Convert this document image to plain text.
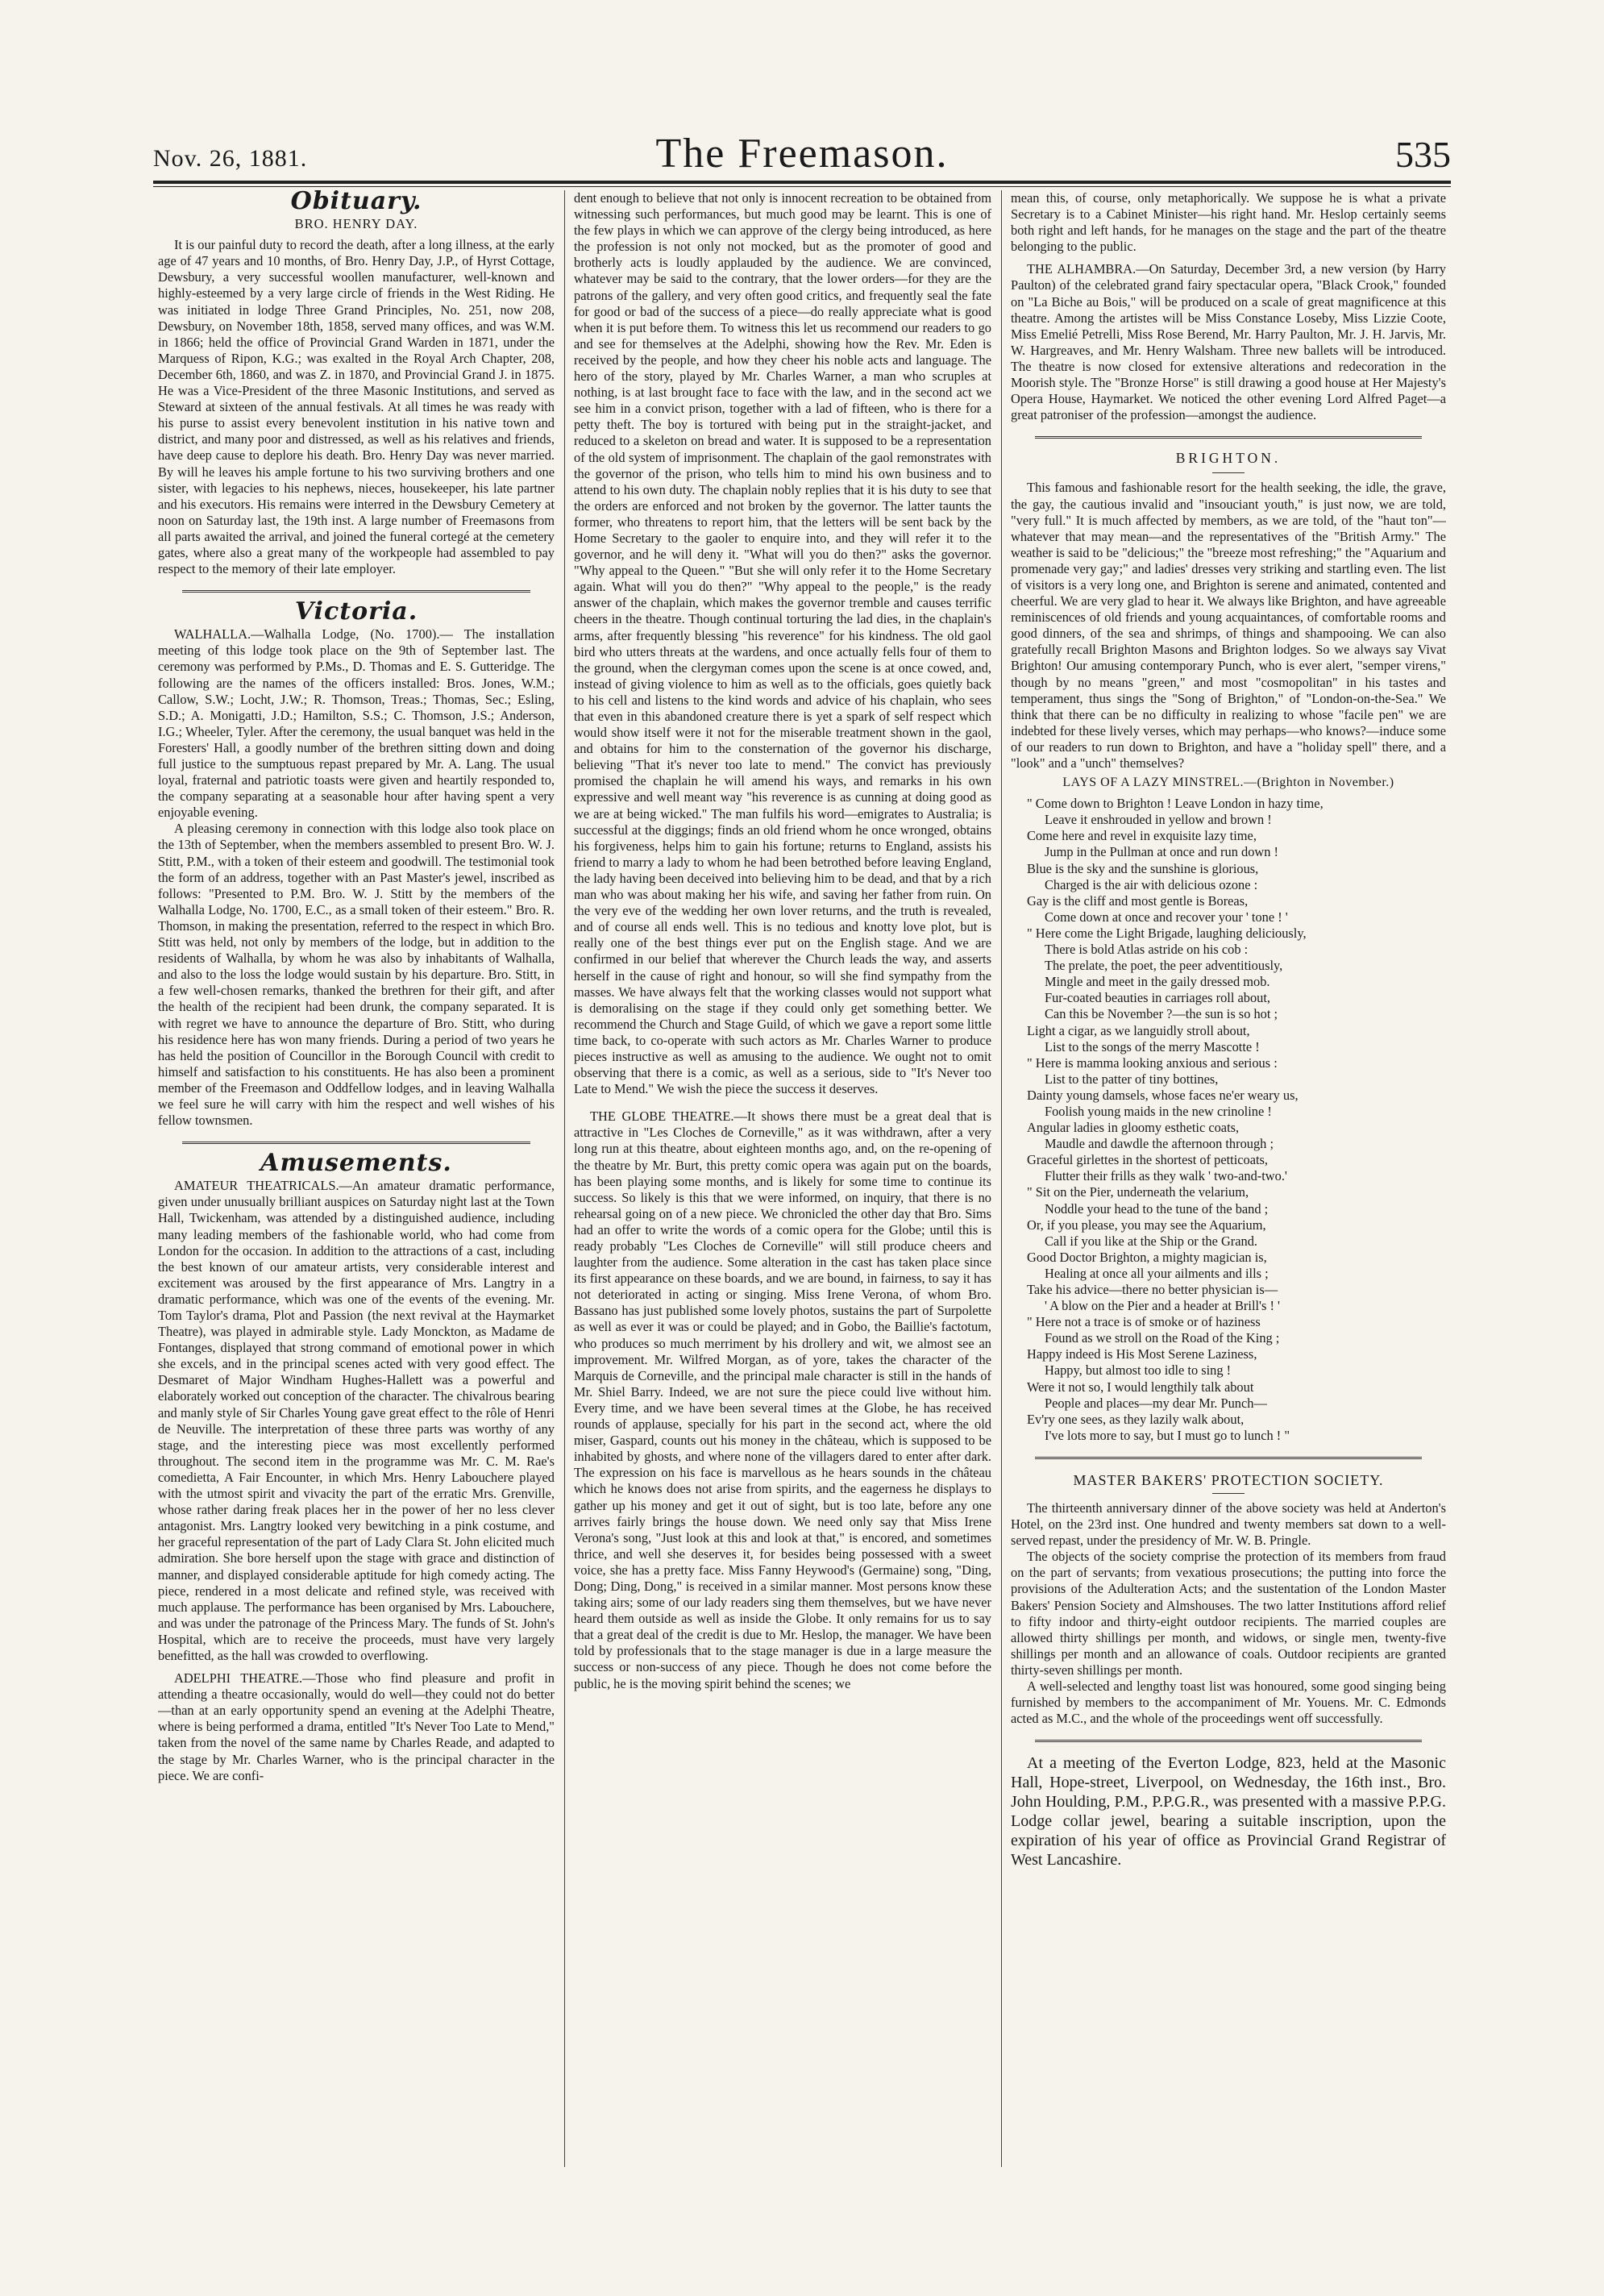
Nov. 26, 1881.	The Freemason.	535
Obituary.
BRO. HENRY DAY.

It is our painful duty to record the death, after a long illness, at the early age of 47 years and 10 months, of Bro. Henry Day, J.P., of Hyrst Cottage, Dewsbury, a very successful woollen manufacturer, well-known and highly-esteemed by a very large circle of friends in the West Riding. He was initiated in lodge Three Grand Principles, No. 251, now 208, Dewsbury, on November 18th, 1858, served many offices, and was W.M. in 1866; held the office of Provincial Grand Warden in 1871, under the Marquess of Ripon, K.G.; was exalted in the Royal Arch Chapter, 208, December 6th, 1860, and was Z. in 1870, and Provincial Grand J. in 1875. He was a Vice-President of the three Masonic Institutions, and served as Steward at sixteen of the annual festivals. At all times he was ready with his purse to assist every benevolent institution in his native town and district, and many poor and distressed, as well as his relatives and friends, have deep cause to deplore his death. Bro. Henry Day was never married. By will he leaves his ample fortune to his two surviving brothers and one sister, with legacies to his nephews, nieces, housekeeper, his late partner and his executors. His remains were interred in the Dewsbury Cemetery at noon on Saturday last, the 19th inst. A large number of Freemasons from all parts awaited the arrival, and joined the funeral cortegé at the cemetery gates, where also a great many of the workpeople had assembled to pay respect to the memory of their late employer.

Victoria.

WALHALLA.—Walhalla Lodge, (No. 1700).— The installation meeting of this lodge took place on the 9th of September last. The ceremony was performed by P.Ms., D. Thomas and E. S. Gutteridge. The following are the names of the officers installed: Bros. Jones, W.M.; Callow, S.W.; Locht, J.W.; R. Thomson, Treas.; Thomas, Sec.; Esling, S.D.; A. Monigatti, J.D.; Hamilton, S.S.; C. Thomson, J.S.; Anderson, I.G.; Wheeler, Tyler. After the ceremony, the usual banquet was held in the Foresters' Hall, a goodly number of the brethren sitting down and doing full justice to the sumptuous repast prepared by Mr. A. Lang. The usual loyal, fraternal and patriotic toasts were given and heartily responded to, the company separating at a seasonable hour after having spent a very enjoyable evening.

A pleasing ceremony in connection with this lodge also took place on the 13th of September, when the members assembled to present Bro. W. J. Stitt, P.M., with a token of their esteem and goodwill. The testimonial took the form of an address, together with an Past Master's jewel, inscribed as follows: "Presented to P.M. Bro. W. J. Stitt by the members of the Walhalla Lodge, No. 1700, E.C., as a small token of their esteem." Bro. R. Thomson, in making the presentation, referred to the respect in which Bro. Stitt was held, not only by members of the lodge, but in addition to the residents of Walhalla, by whom he was also by inhabitants of Walhalla, and also to the loss the lodge would sustain by his departure. Bro. Stitt, in a few well-chosen remarks, thanked the brethren for their gift, and after the health of the recipient had been drunk, the company separated. It is with regret we have to announce the departure of Bro. Stitt, who during his residence here has won many friends. During a period of two years he has held the position of Councillor in the Borough Council with credit to himself and satisfaction to his constituents. He has also been a prominent member of the Freemason and Oddfellow lodges, and in leaving Walhalla we feel sure he will carry with him the respect and well wishes of his fellow townsmen.

Amusements.

AMATEUR THEATRICALS.—An amateur dramatic performance, given under unusually brilliant auspices on Saturday night last at the Town Hall, Twickenham, was attended by a distinguished audience, including many leading members of the fashionable world, who had come from London for the occasion. In addition to the attractions of a cast, including the best known of our amateur artists, very considerable interest and excitement was aroused by the first appearance of Mrs. Langtry in a dramatic performance, which was one of the events of the evening. Mr. Tom Taylor's drama, Plot and Passion (the next revival at the Haymarket Theatre), was played in admirable style. Lady Monckton, as Madame de Fontanges, displayed that strong command of emotional power in which she excels, and in the principal scenes acted with very good effect. The Desmaret of Major Windham Hughes-Hallett was a powerful and elaborately worked out conception of the character. The chivalrous bearing and manly style of Sir Charles Young gave great effect to the rôle of Henri de Neuville. The interpretation of these three parts was worthy of any stage, and the interesting piece was most excellently performed throughout. The second item in the programme was Mr. C. M. Rae's comedietta, A Fair Encounter, in which Mrs. Henry Labouchere played with the utmost spirit and vivacity the part of the erratic Mrs. Grenville, whose rather daring freak places her in the power of her no less clever antagonist. Mrs. Langtry looked very bewitching in a pink costume, and her graceful representation of the part of Lady Clara St. John elicited much admiration. She bore herself upon the stage with grace and distinction of manner, and displayed considerable aptitude for high comedy acting. The piece, rendered in a most delicate and refined style, was received with much applause. The performance has been organised by Mrs. Labouchere, and was under the patronage of the Princess Mary. The funds of St. John's Hospital, which are to receive the proceeds, must have very largely benefitted, as the hall was crowded to overflowing.

ADELPHI THEATRE.—Those who find pleasure and profit in attending a theatre occasionally, would do well—they could not do better—than at an early opportunity spend an evening at the Adelphi Theatre, where is being performed a drama, entitled "It's Never Too Late to Mend," taken from the novel of the same name by Charles Reade, and adapted to the stage by Mr. Charles Warner, who is the principal character in the piece. We are confi-

dent enough to believe that not only is innocent recreation to be obtained from witnessing such performances, but much good may be learnt. This is one of the few plays in which we can approve of the clergy being introduced, as here the profession is not only not mocked, but as the promoter of good and brotherly acts is loudly applauded by the audience. We are convinced, whatever may be said to the contrary, that the lower orders—for they are the patrons of the gallery, and very often good critics, and frequently seal the fate for good or bad of the success of a piece—do really appreciate what is good when it is put before them. To witness this let us recommend our readers to go and see for themselves at the Adelphi, showing how the Rev. Mr. Eden is received by the people, and how they cheer his noble acts and language. The hero of the story, played by Mr. Charles Warner, a man who scruples at nothing, is at last brought face to face with the law, and in the second act we see him in a convict prison, together with a lad of fifteen, who is there for a petty theft. The boy is tortured with being put in the straight-jacket, and reduced to a skeleton on bread and water. It is supposed to be a representation of the old system of imprisonment. The chaplain of the gaol remonstrates with the governor of the prison, who tells him to mind his own business and to attend to his own duty. The chaplain nobly replies that it is his duty to see that the orders are enforced and not broken by the governor. The latter taunts the former, who threatens to report him, that the letters will be sent back by the Home Secretary to the gaoler to enquire into, and they will refer it to the governor, and he will deny it. "What will you do then?" asks the governor. "Why appeal to the Queen." "But she will only refer it to the Home Secretary again. What will you do then?" "Why appeal to the people," is the ready answer of the chaplain, which makes the governor tremble and causes terrific cheers in the theatre. Though continual torturing the lad dies, in the chaplain's arms, after frequently blessing "his reverence" for his kindness. The old gaol bird who utters threats at the wardens, and once actually fells four of them to the ground, when the clergyman comes upon the scene is at once cowed, and, instead of giving violence to him as well as to the officials, goes quietly back to his cell and listens to the kind words and advice of his chaplain, who sees that even in this abandoned creature there is yet a spark of self respect which would show itself were it not for the miserable treatment shown in the gaol, and obtains for him to the consternation of the governor his discharge, believing "That it's never too late to mend." The convict has previously promised the chaplain he will amend his ways, and remarks in his own expressive and well meant way "his reverence is as cunning at doing good as we are at being wicked." The man fulfils his word—emigrates to Australia; is successful at the diggings; finds an old friend whom he once wronged, obtains his forgiveness, helps him to gain his fortune; returns to England, assists his friend to marry a lady to whom he had been betrothed before leaving England, the lady having been deceived into believing him to be dead, and that by a rich man who was about making her his wife, and saving her father from ruin. On the very eve of the wedding her own lover returns, and the truth is revealed, and of course all ends well. This is no tedious and knotty love plot, but is really one of the best things ever put on the English stage. And we are confirmed in our belief that wherever the Church leads the way, and asserts herself in the cause of right and honour, so will she find sympathy from the masses. We have always felt that the working classes would not support what is demoralising on the stage if they could only get something better. We recommend the Church and Stage Guild, of which we gave a report some little time back, to co-operate with such actors as Mr. Charles Warner to produce pieces instructive as well as amusing to the audience. We ought not to omit observing that there is a comic, as well as a serious, side to "It's Never too Late to Mend." We wish the piece the success it deserves.

THE GLOBE THEATRE.—It shows there must be a great deal that is attractive in "Les Cloches de Corneville," as it was withdrawn, after a very long run at this theatre, about eighteen months ago, and, on the re-opening of the theatre by Mr. Burt, this pretty comic opera was again put on the boards, has been playing some months, and is likely for some time to continue its success. So likely is this that we were informed, on inquiry, that there is no rehearsal going on of a new piece. We chronicled the other day that Bro. Sims had an offer to write the words of a comic opera for the Globe; until this is ready probably "Les Cloches de Corneville" will still produce cheers and laughter from the audience. Some alteration in the cast has taken place since its first appearance on these boards, and we are bound, in fairness, to say it has not deteriorated in acting or singing. Miss Irene Verona, of whom Bro. Bassano has just published some lovely photos, sustains the part of Surpolette as well as ever it was or could be played; and in Gobo, the Baillie's factotum, who produces so much merriment by his drollery and wit, we almost see an improvement. Mr. Wilfred Morgan, as of yore, takes the character of the Marquis de Corneville, and the principal male character is still in the hands of Mr. Shiel Barry. Indeed, we are not sure the piece could live without him. Every time, and we have been several times at the Globe, he has received rounds of applause, specially for his part in the second act, where the old miser, Gaspard, counts out his money in the château, which is supposed to be inhabited by ghosts, and where none of the villagers dared to enter after dark. The expression on his face is marvellous as he hears sounds in the château which he knows does not arise from spirits, and the eagerness he displays to gather up his money and get it out of sight, but is too late, before any one arrives fairly brings the house down. We need only say that Miss Irene Verona's song, "Just look at this and look at that," is encored, and sometimes thrice, and well she deserves it, for besides being possessed with a sweet voice, she has a pretty face. Miss Fanny Heywood's (Germaine) song, "Ding, Dong; Ding, Dong," is received in a similar manner. Most persons know these taking airs; some of our lady readers sing them themselves, but we have never heard them outside as well as inside the Globe. It only remains for us to say that a great deal of the credit is due to Mr. Heslop, the manager. We have been told by professionals that to the stage manager is due in a large measure the success or non-success of any piece. Though he does not come before the public, he is the moving spirit behind the scenes; we

mean this, of course, only metaphorically. We suppose he is what a private Secretary is to a Cabinet Minister—his right hand. Mr. Heslop certainly seems both right and left hands, for he manages on the stage and the part of the theatre belonging to the public.

THE ALHAMBRA.—On Saturday, December 3rd, a new version (by Harry Paulton) of the celebrated grand fairy spectacular opera, "Black Crook," founded on "La Biche au Bois," will be produced on a scale of great magnificence at this theatre. Among the artistes will be Miss Constance Loseby, Miss Lizzie Coote, Miss Emelié Petrelli, Miss Rose Berend, Mr. Harry Paulton, Mr. J. H. Jarvis, Mr. W. Hargreaves, and Mr. Henry Walsham. Three new ballets will be introduced. The theatre is now closed for extensive alterations and redecoration in the Moorish style. The "Bronze Horse" is still drawing a good house at Her Majesty's Opera House, Haymarket. We noticed the other evening Lord Alfred Paget—a great patroniser of the profession—amongst the audience.

BRIGHTON.

This famous and fashionable resort for the health seeking, the idle, the grave, the gay, the cautious invalid and "insouciant youth," is just now, we are told, "very full." It is much affected by members, as we are told, of the "haut ton"—whatever that may mean—and the representatives of the "British Army." The weather is said to be "delicious;" the "breeze most refreshing;" the "Aquarium and promenade very gay;" and ladies' dresses very striking and startling even. The list of visitors is a very long one, and Brighton is serene and animated, contented and cheerful. We are very glad to hear it. We always like Brighton, and have agreeable reminiscences of old friends and young acquaintances, of comfortable rooms and good dinners, of the sea and shrimps, of things and shampooing. We can also gratefully recall Brighton Masons and Brighton lodges. So we always say Vivat Brighton! Our amusing contemporary Punch, who is ever alert, "semper virens," though by no means "green," and most "cosmopolitan" in his tastes and temperament, thus sings the "Song of Brighton," of "London-on-the-Sea." We think that there can be no difficulty in realizing to whose "facile pen" we are indebted for these lively verses, which may perhaps—who knows?—induce some of our readers to run down to Brighton, and have a "holiday spell" there, and a "look" and a "unch" themselves?

LAYS OF A LAZY MINSTREL.—(Brighton in November.)
" Come down to Brighton ! Leave London in hazy time,
Leave it enshrouded in yellow and brown !
Come here and revel in exquisite lazy time,
Jump in the Pullman at once and run down !
Blue is the sky and the sunshine is glorious,
Charged is the air with delicious ozone :
Gay is the cliff and most gentle is Boreas,
Come down at once and recover your ' tone ! '
" Here come the Light Brigade, laughing deliciously,
There is bold Atlas astride on his cob :
The prelate, the poet, the peer adventitiously,
Mingle and meet in the gaily dressed mob.
Fur-coated beauties in carriages roll about,
Can this be November ?—the sun is so hot ;
Light a cigar, as we languidly stroll about,
List to the songs of the merry Mascotte !
" Here is mamma looking anxious and serious :
List to the patter of tiny bottines,
Dainty young damsels, whose faces ne'er weary us,
Foolish young maids in the new crinoline !
Angular ladies in gloomy esthetic coats,
Maudle and dawdle the afternoon through ;
Graceful girlettes in the shortest of petticoats,
Flutter their frills as they walk ' two-and-two.'
" Sit on the Pier, underneath the velarium,
Noddle your head to the tune of the band ;
Or, if you please, you may see the Aquarium,
Call if you like at the Ship or the Grand.
Good Doctor Brighton, a mighty magician is,
Healing at once all your ailments and ills ;
Take his advice—there no better physician is—
' A blow on the Pier and a header at Brill's ! '
" Here not a trace is of smoke or of haziness
Found as we stroll on the Road of the King ;
Happy indeed is His Most Serene Laziness,
Happy, but almost too idle to sing !
Were it not so, I would lengthily talk about
People and places—my dear Mr. Punch—
Ev'ry one sees, as they lazily walk about,
I've lots more to say, but I must go to lunch ! "
MASTER BAKERS' PROTECTION SOCIETY.

The thirteenth anniversary dinner of the above society was held at Anderton's Hotel, on the 23rd inst. One hundred and twenty members sat down to a well-served repast, under the presidency of Mr. W. B. Pringle.

The objects of the society comprise the protection of its members from fraud on the part of servants; from vexatious prosecutions; the putting into force the provisions of the Adulteration Acts; and the sustentation of the London Master Bakers' Pension Society and Almshouses. The two latter Institutions afford relief to fifty indoor and thirty-eight outdoor recipients. The married couples are allowed thirty shillings per month, and widows, or single men, twenty-five shillings per month and an allowance of coals. Outdoor recipients are granted thirty-seven shillings per month.

A well-selected and lengthy toast list was honoured, some good singing being furnished by members to the accompaniment of Mr. Youens. Mr. C. Edmonds acted as M.C., and the whole of the proceedings went off successfully.

At a meeting of the Everton Lodge, 823, held at the Masonic Hall, Hope-street, Liverpool, on Wednesday, the 16th inst., Bro. John Houlding, P.M., P.P.G.R., was presented with a massive P.P.G. Lodge collar jewel, bearing a suitable inscription, upon the expiration of his year of office as Provincial Grand Registrar of West Lancashire.
